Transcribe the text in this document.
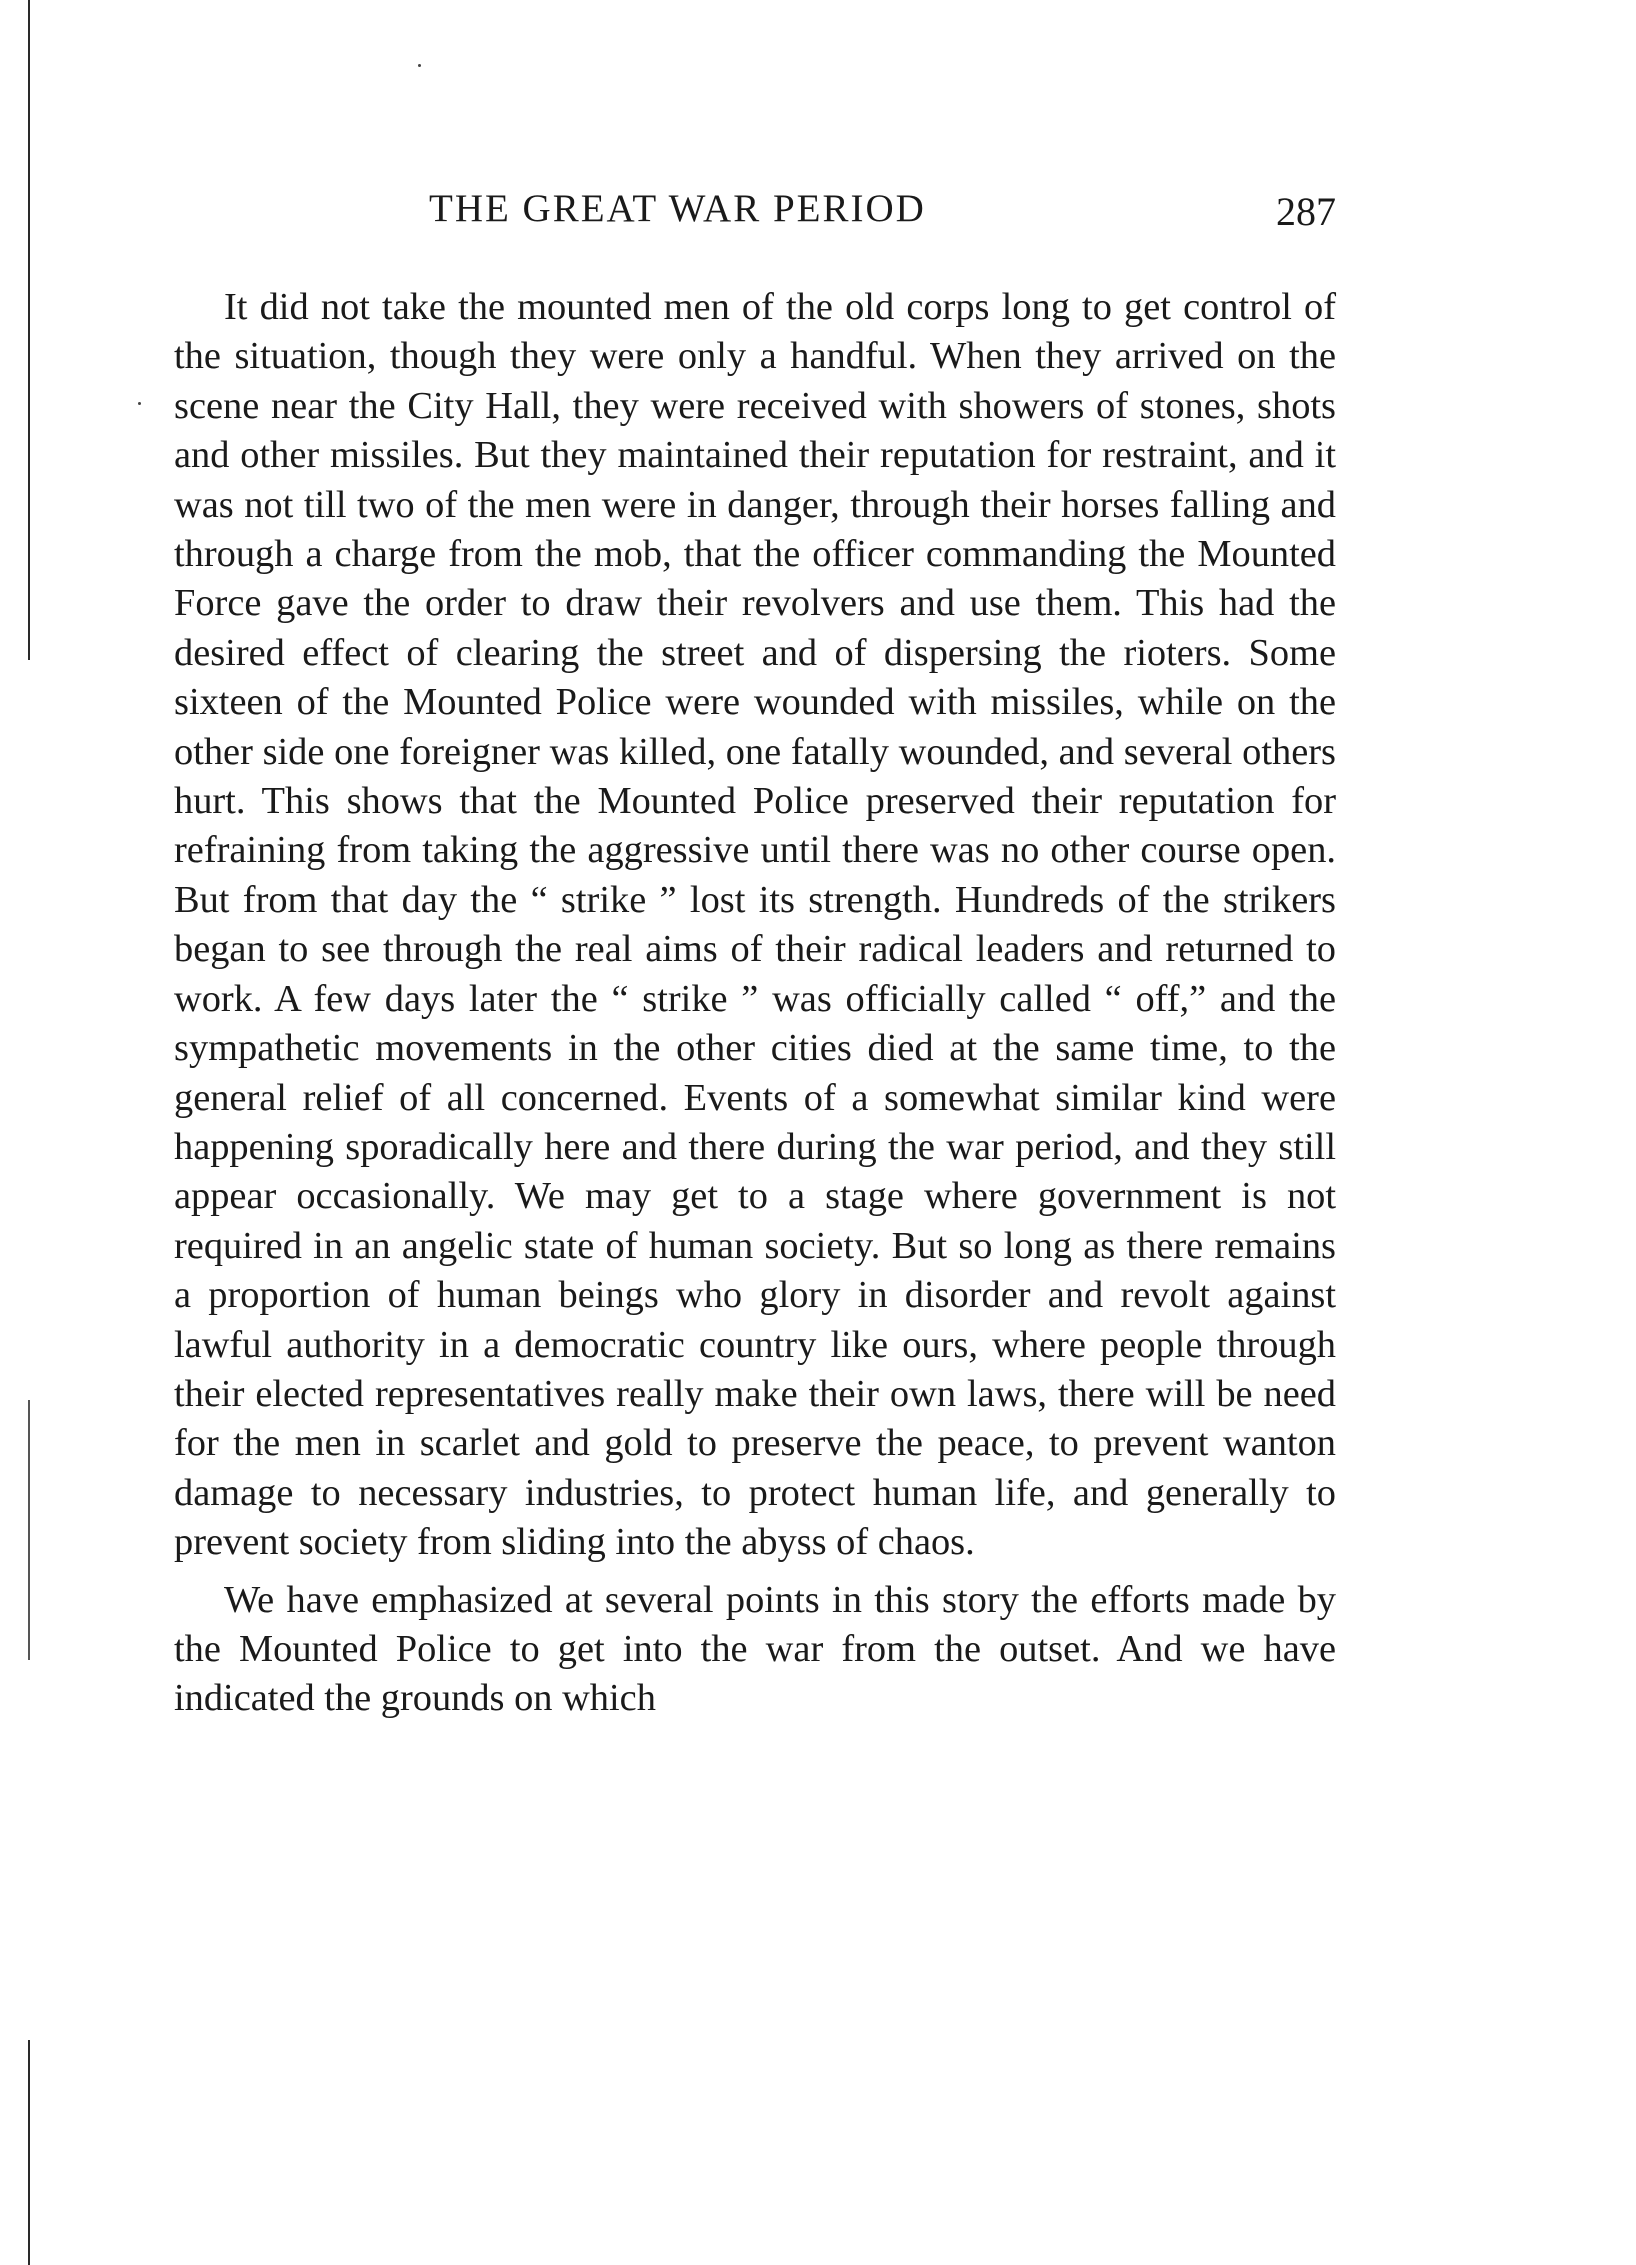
THE GREAT WAR PERIOD	287

It did not take the mounted men of the old corps long to get control of the situation, though they were only a handful. When they arrived on the scene near the City Hall, they were received with showers of stones, shots and other missiles. But they maintained their reputation for restraint, and it was not till two of the men were in danger, through their horses falling and through a charge from the mob, that the officer commanding the Mounted Force gave the order to draw their revolvers and use them. This had the desired effect of clearing the street and of dispersing the rioters. Some sixteen of the Mounted Police were wounded with missiles, while on the other side one foreigner was killed, one fatally wounded, and several others hurt. This shows that the Mounted Police preserved their reputation for refraining from taking the aggressive until there was no other course open. But from that day the “ strike ” lost its strength. Hundreds of the strikers began to see through the real aims of their radical leaders and returned to work. A few days later the “ strike ” was officially called “ off,” and the sympathetic movements in the other cities died at the same time, to the general relief of all concerned. Events of a somewhat similar kind were happening sporadically here and there during the war period, and they still appear occasionally. We may get to a stage where government is not required in an angelic state of human society. But so long as there remains a proportion of human beings who glory in disorder and revolt against lawful authority in a democratic country like ours, where people through their elected representatives really make their own laws, there will be need for the men in scarlet and gold to preserve the peace, to prevent wanton damage to necessary industries, to protect human life, and generally to prevent society from sliding into the abyss of chaos.

We have emphasized at several points in this story the efforts made by the Mounted Police to get into the war from the outset. And we have indicated the grounds on which
